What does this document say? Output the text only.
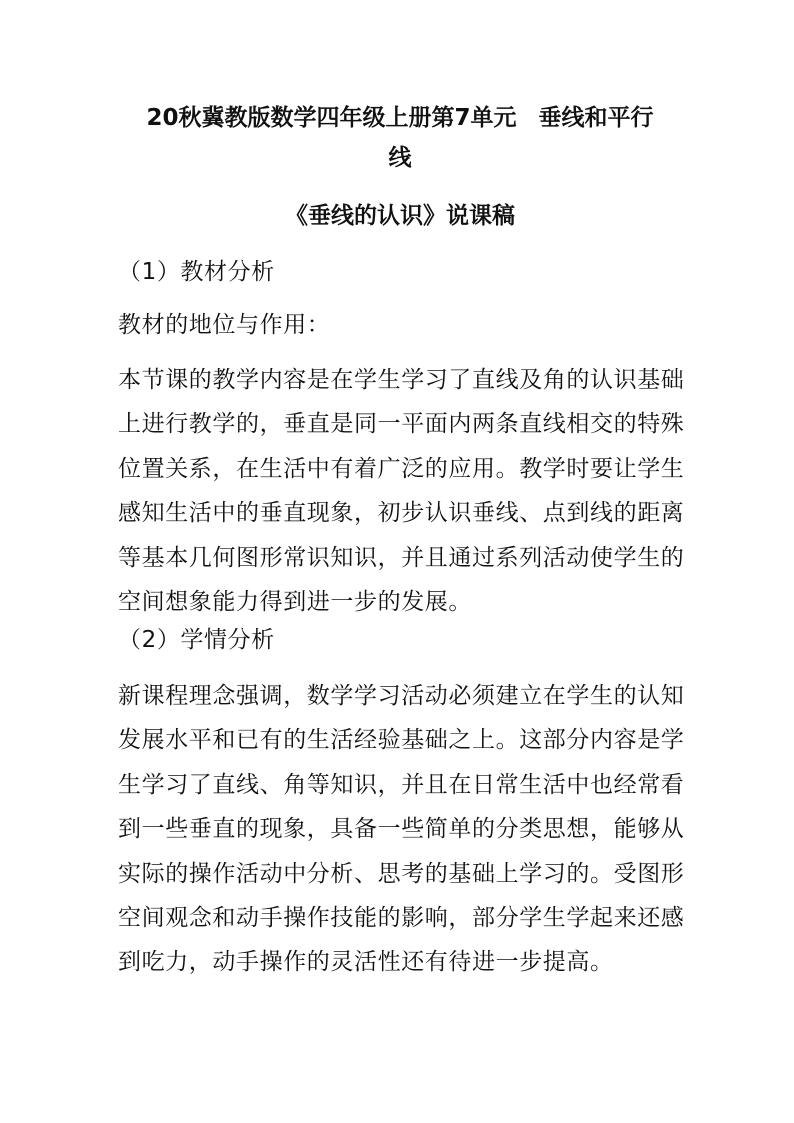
20秋冀教版数学四年级上册第7单元 垂线和平行
线
《垂线的认识》说课稿

（1）教材分析

教材的地位与作用：

本节课的教学内容是在学生学习了直线及角的认识基础上进行教学的，垂直是同一平面内两条直线相交的特殊位置关系，在生活中有着广泛的应用。教学时要让学生感知生活中的垂直现象，初步认识垂线、点到线的距离等基本几何图形常识知识，并且通过系列活动使学生的空间想象能力得到进一步的发展。

（2）学情分析

新课程理念强调，数学学习活动必须建立在学生的认知发展水平和已有的生活经验基础之上。这部分内容是学生学习了直线、角等知识，并且在日常生活中也经常看到一些垂直的现象，具备一些简单的分类思想，能够从实际的操作活动中分析、思考的基础上学习的。受图形空间观念和动手操作技能的影响，部分学生学起来还感到吃力，动手操作的灵活性还有待进一步提高。
